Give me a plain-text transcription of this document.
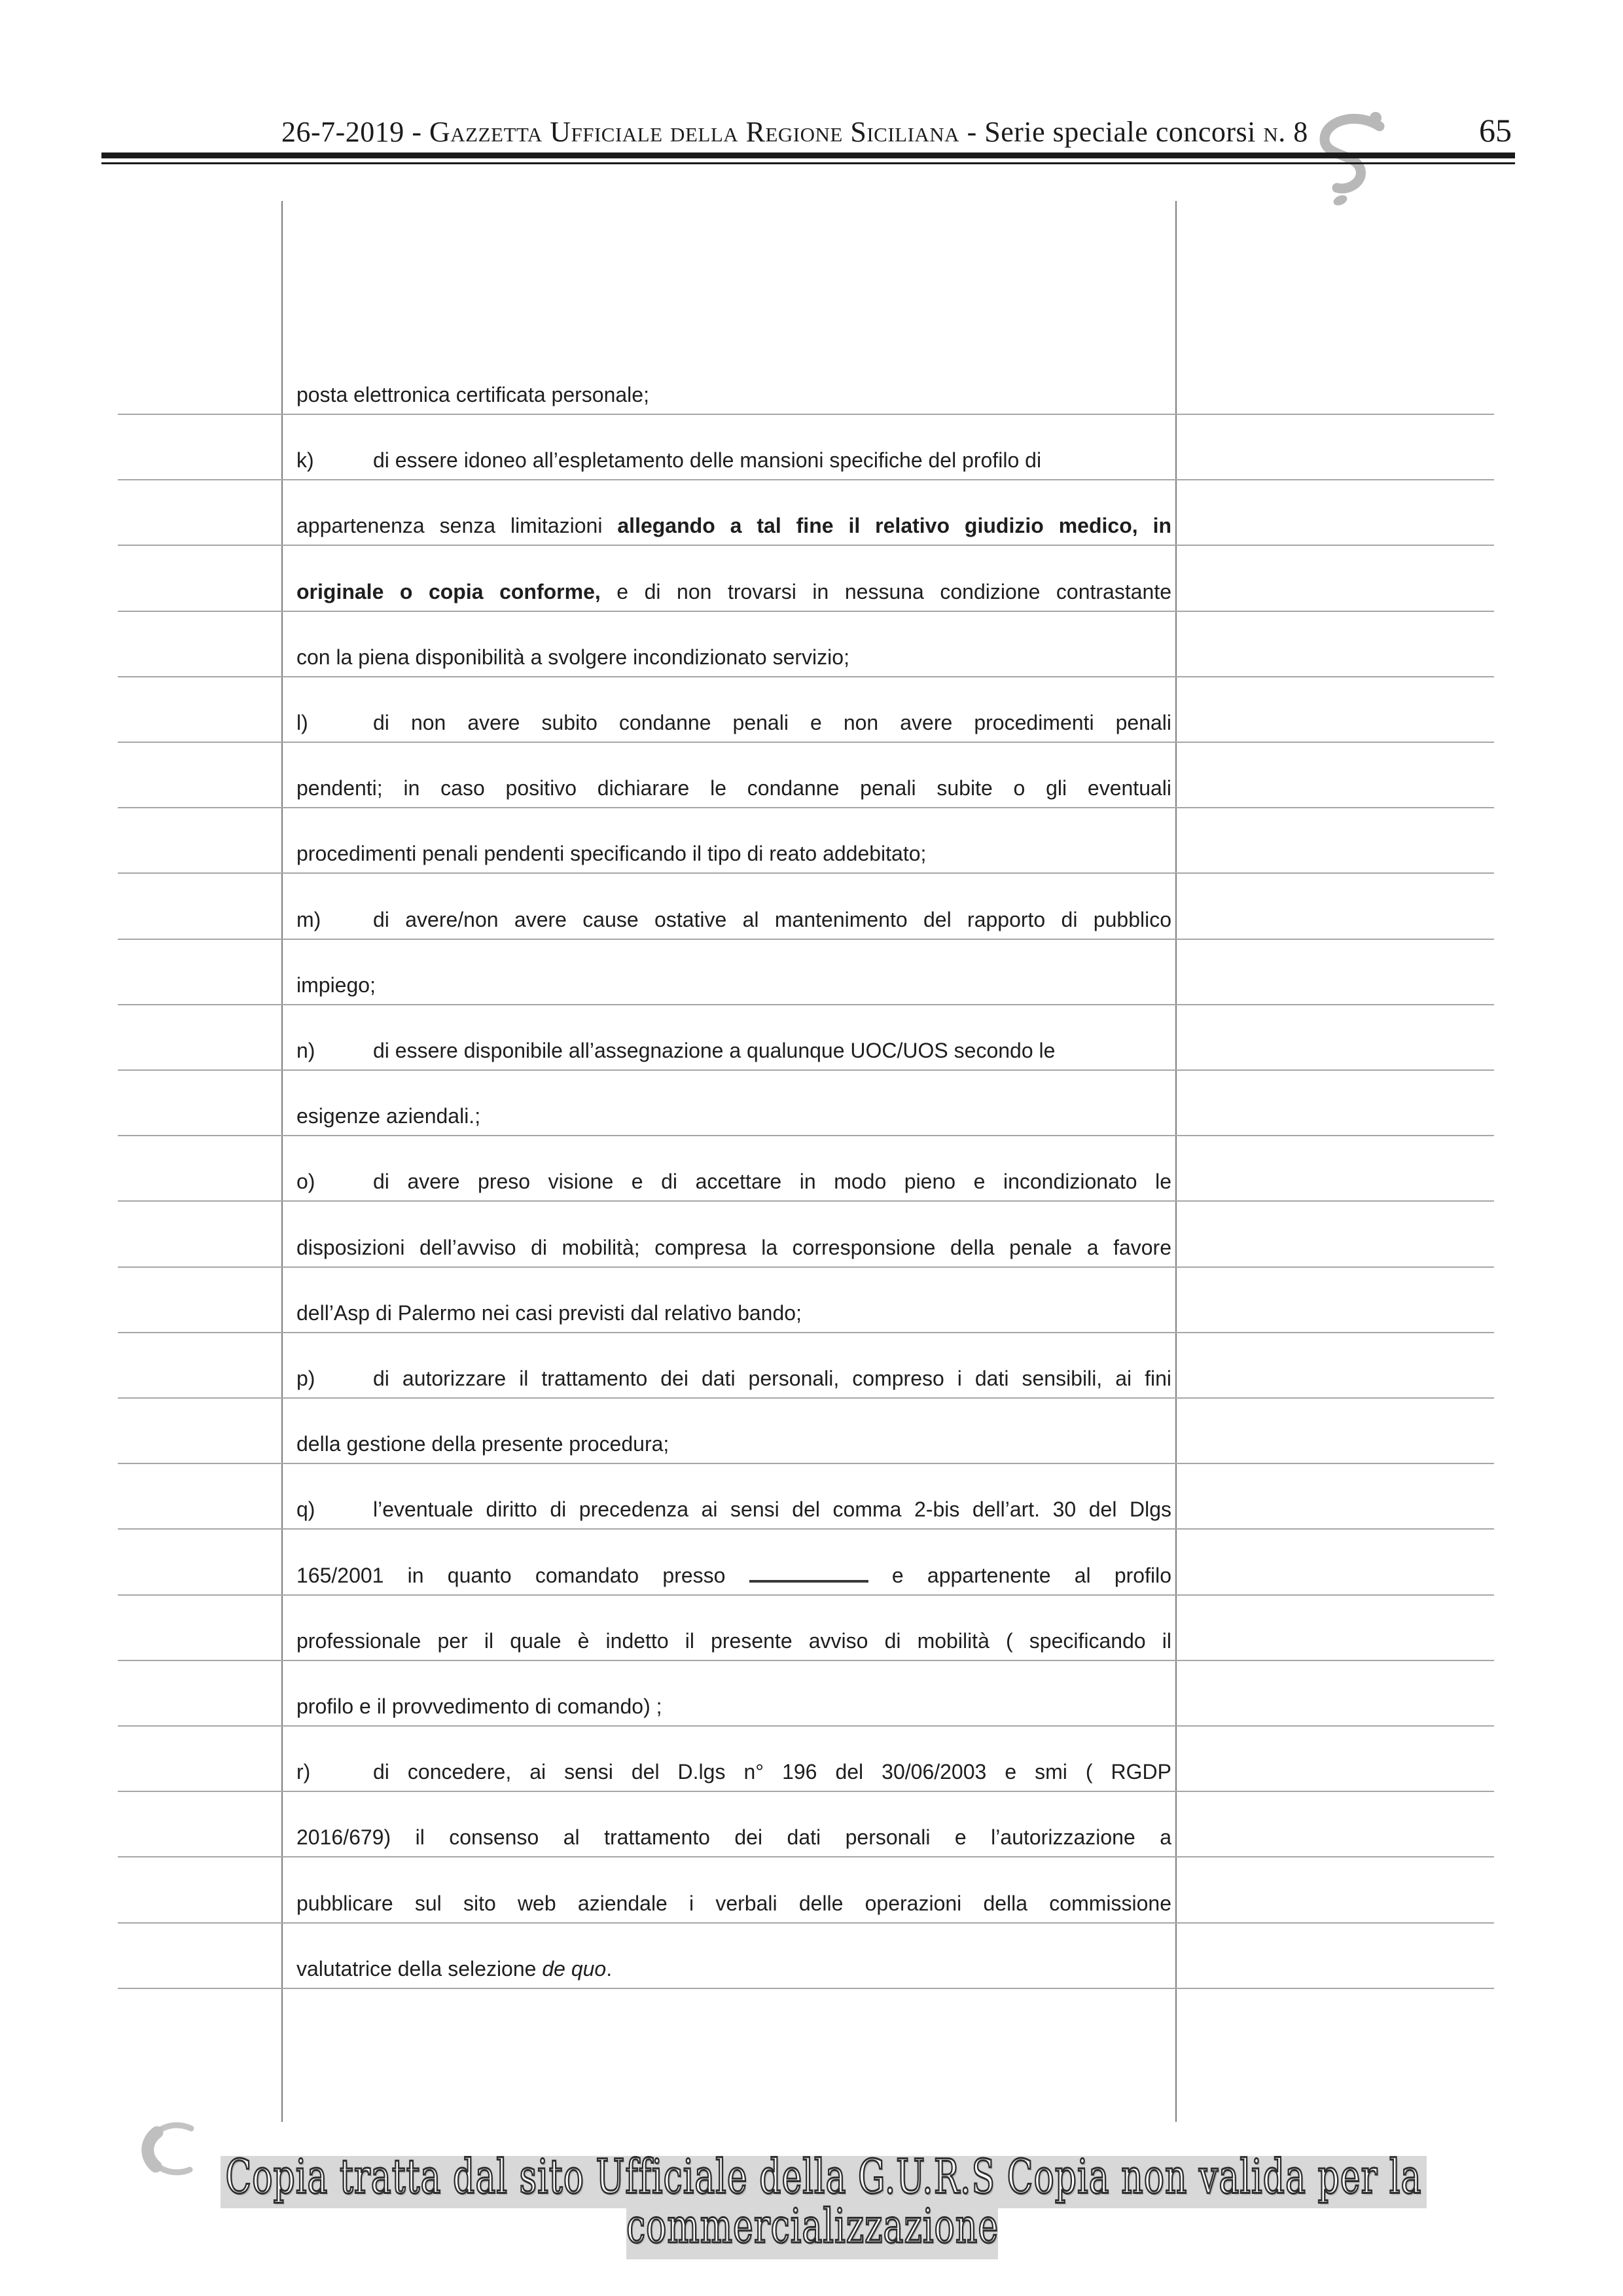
26-7-2019 - Gazzetta Ufficiale della Regione Siciliana - Serie speciale concorsi n. 8	65
posta elettronica certificata personale;
k)	di essere idoneo all’espletamento delle mansioni specifiche del profilo di
appartenenza senza limitazioni allegando a tal fine il relativo giudizio medico, in
originale o copia conforme, e di non trovarsi in nessuna condizione contrastante
con la piena disponibilità a svolgere incondizionato servizio;
l)	di non avere subito condanne penali e non avere procedimenti penali
pendenti; in caso positivo dichiarare le condanne penali subite o gli eventuali
procedimenti penali pendenti specificando il tipo di reato addebitato;
m) di avere/non avere cause ostative al mantenimento del rapporto di pubblico
impiego;
n)	di essere disponibile all’assegnazione a qualunque UOC/UOS secondo le
esigenze aziendali.;
o)	di avere preso visione e di accettare in modo pieno e incondizionato le
disposizioni dell’avviso di mobilità; compresa la corresponsione della penale a favore
dell’Asp di Palermo nei casi previsti dal relativo bando;
p)	di autorizzare il trattamento dei dati personali, compreso i dati sensibili, ai fini
della gestione della presente procedura;
q)	l’eventuale diritto di precedenza ai sensi del comma 2-bis dell’art. 30 del Dlgs
165/2001 in quanto comandato presso	e appartenente al profilo
professionale per il quale è indetto il presente avviso di mobilità ( specificando il
profilo e il provvedimento di comando) ;
r)	di concedere, ai sensi del D.lgs n° 196 del 30/06/2003 e smi ( RGDP
2016/679) il consenso al trattamento dei dati personali e l’autorizzazione a
pubblicare sul sito web aziendale i verbali delle operazioni della commissione
valutatrice della selezione de quo.
Copia tratta dal sito Ufficiale della G.U.R.S Copia non valida per la
commercializzazione
